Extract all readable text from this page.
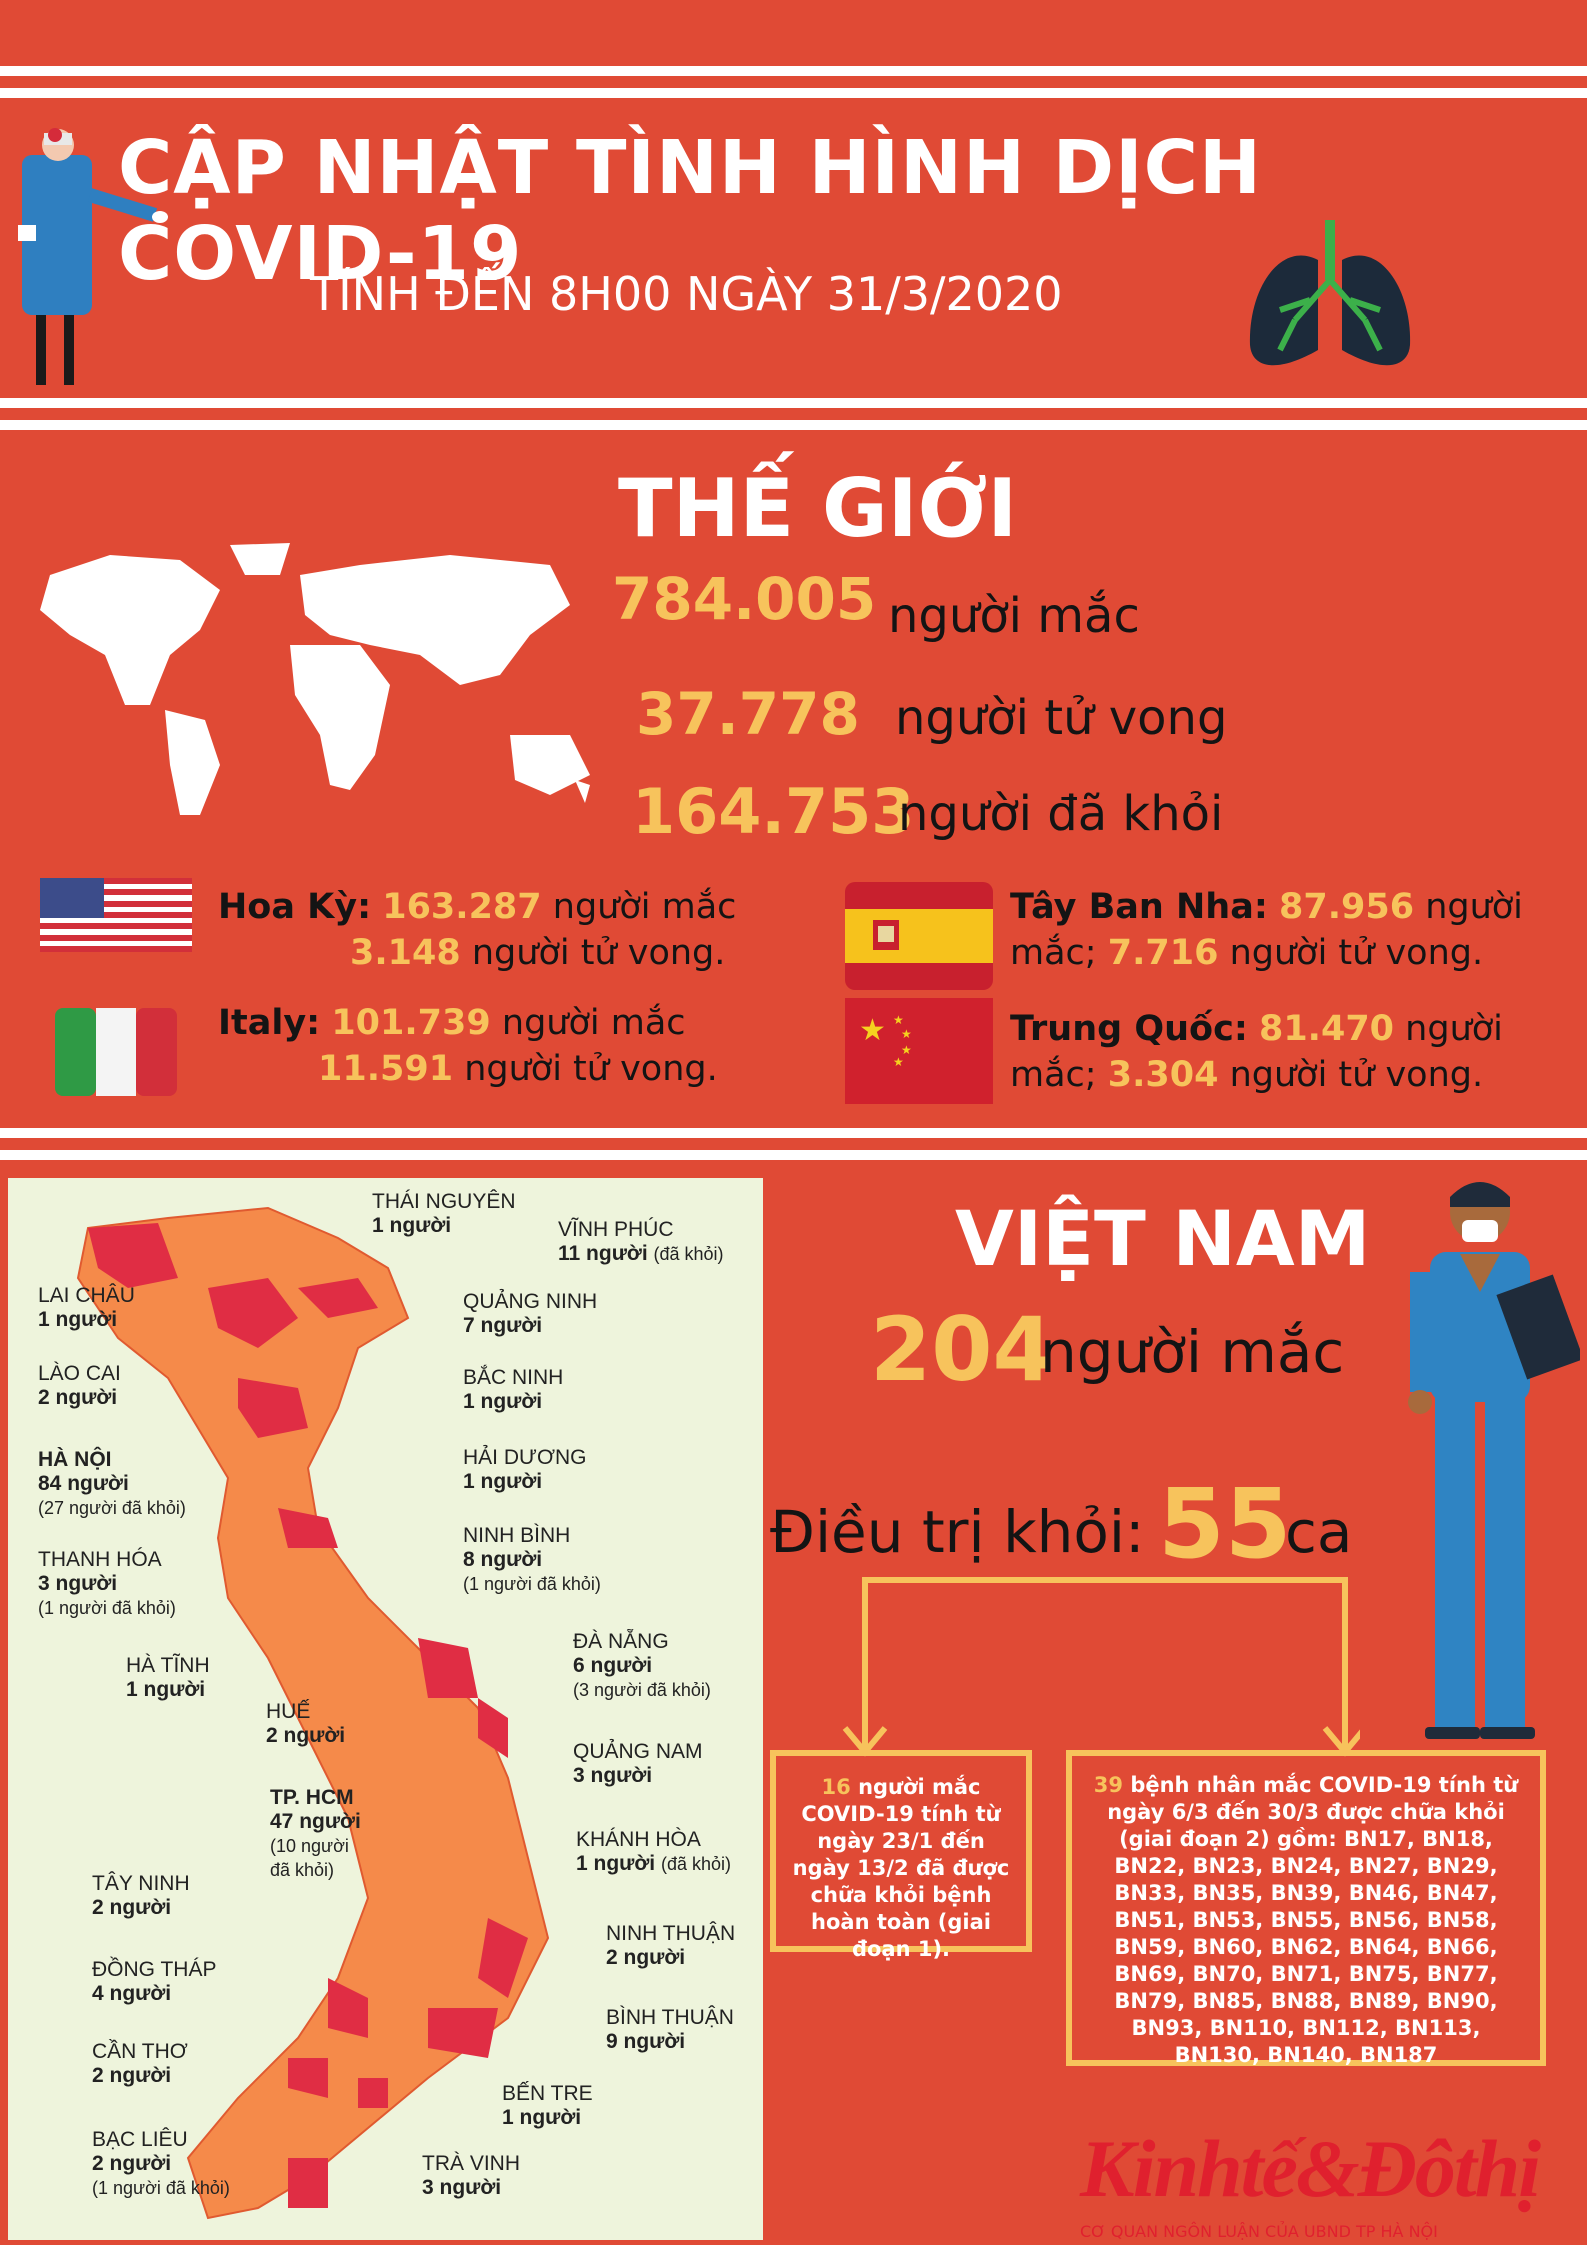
CẬP NHẬT TÌNH HÌNH DỊCH COVID-19
TÍNH ĐẾN 8H00 NGÀY 31/3/2020
THẾ GIỚI
784.005 người mắc
37.778 người tử vong
164.753
người đã khỏi
★ ★
★
★
★
Hoa Kỳ: 163.287 người mắc
3.148 người tử vong.
Italy: 101.739 người mắc
11.591 người tử vong.
Tây Ban Nha: 87.956 người
mắc; 7.716 người tử vong.
Trung Quốc: 81.470 người
mắc; 3.304 người tử vong.
THÁI NGUYÊN
1 người	VĨNH PHÚC
11 người (đã khỏi)
LAI CHÂU
1 người
QUẢNG NINH
7 người
LÀO CAI
2 người
BẮC NINH
1 người
HÀ NỘI
84 người
(27 người đã khỏi)
HẢI DƯƠNG
1 người
THANH HÓA
3 người
(1 người đã khỏi)
NINH BÌNH
8 người
(1 người đã khỏi)
HÀ TĨNH
1 người
ĐÀ NẴNG
6 người
(3 người đã khỏi)
HUẾ
2 người
QUẢNG NAM
3 người
TP. HCM
47 người
(10 người
đã khỏi)
KHÁNH HÒA
1 người (đã khỏi)
TÂY NINH
2 người
NINH THUẬN
2 người
ĐỒNG THÁP
4 người
BÌNH THUẬN
9 người
CẦN THƠ
2 người
BẾN TRE
1 người
BẠC LIÊU
2 người
(1 người đã khỏi)
TRÀ VINH
3 người
VIỆT NAM
204
người mắc
Điều trị khỏi: 55
ca
16 người mắc COVID-19 tính từ ngày 23/1 đến ngày 13/2 đã được chữa khỏi bệnh hoàn toàn (giai đoạn 1).
39 bệnh nhân mắc COVID-19 tính từ ngày 6/3 đến 30/3 được chữa khỏi (giai đoạn 2) gồm: BN17, BN18, BN22, BN23, BN24, BN27, BN29, BN33, BN35, BN39, BN46, BN47, BN51, BN53, BN55, BN56, BN58, BN59, BN60, BN62, BN64, BN66, BN69, BN70, BN71, BN75, BN77, BN79, BN85, BN88, BN89, BN90, BN93, BN110, BN112, BN113, BN130, BN140, BN187
Kinhtế&Đôthị
CƠ QUAN NGÔN LUẬN CỦA UBND TP HÀ NỘI
